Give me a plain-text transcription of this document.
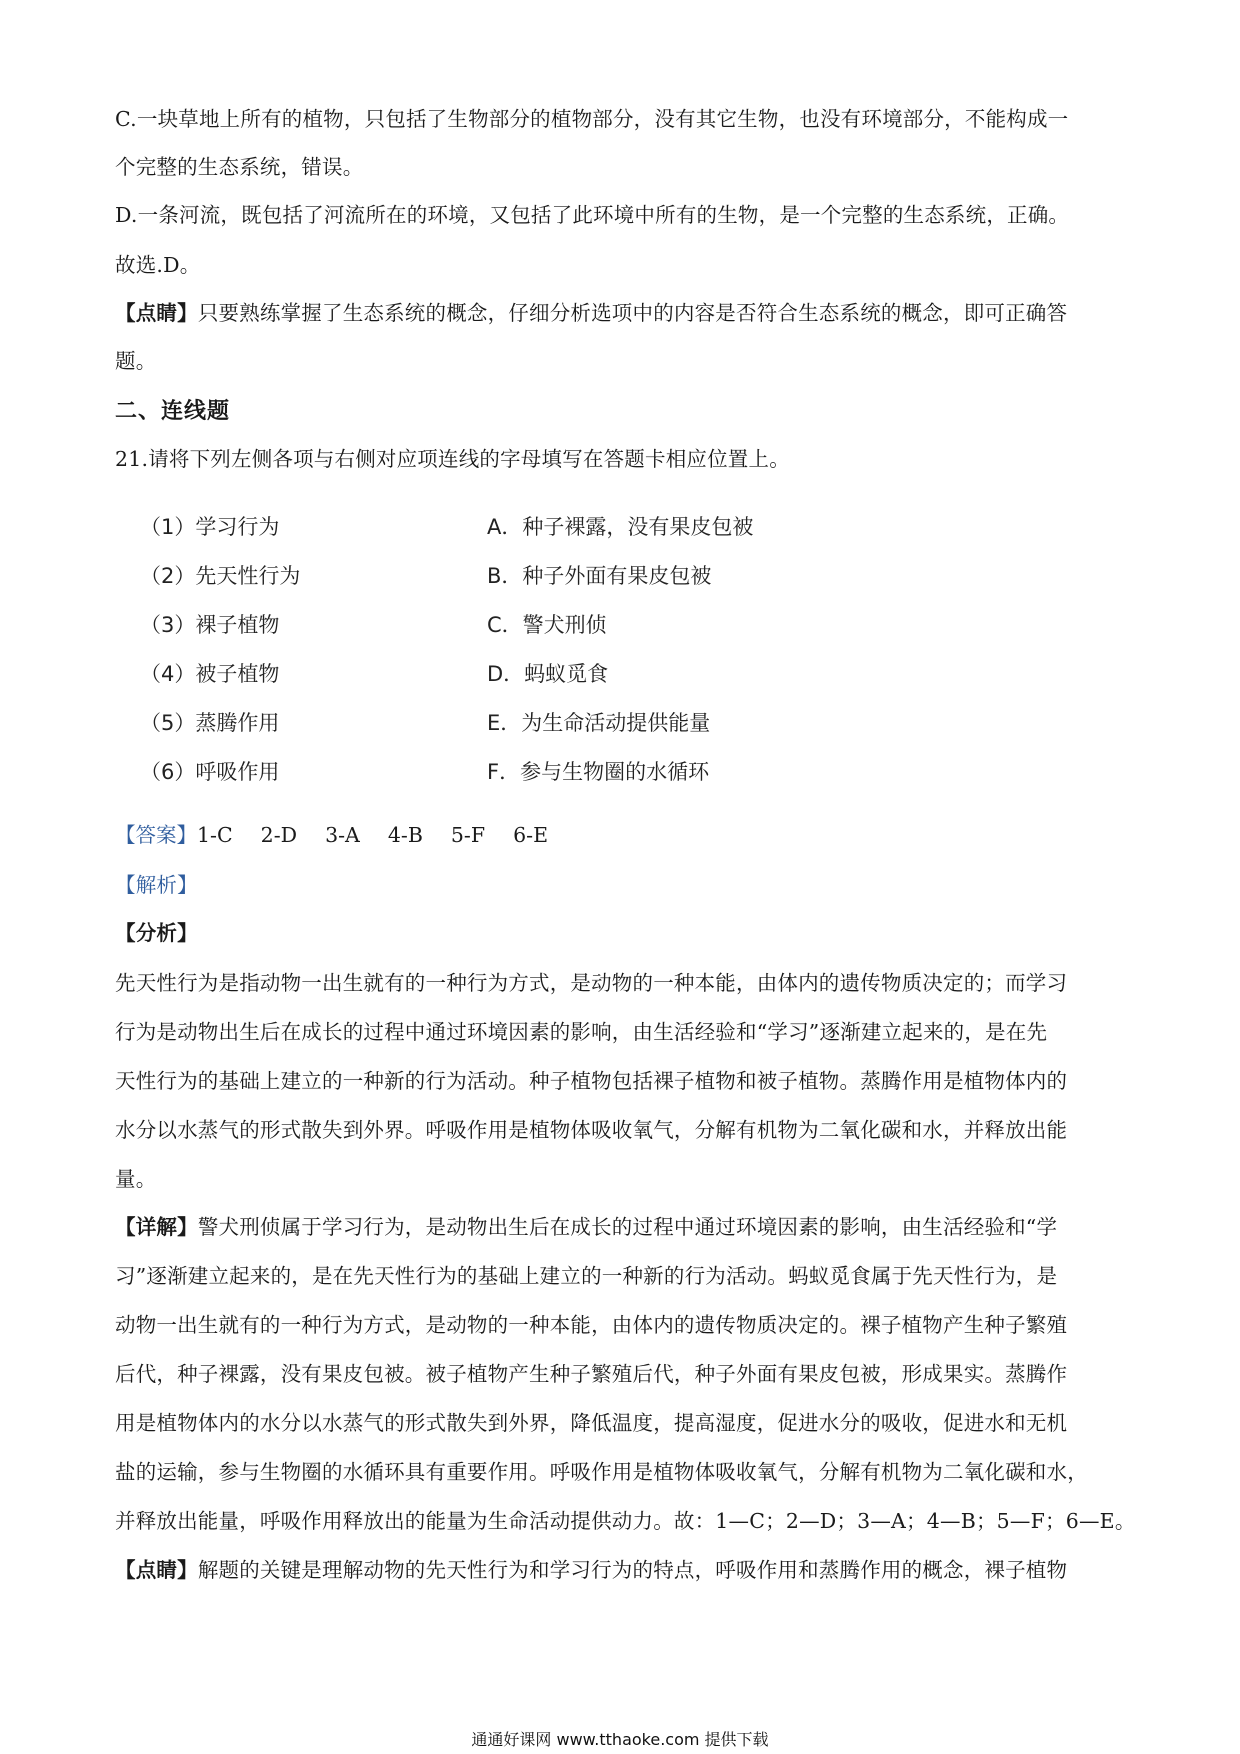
C.一块草地上所有的植物，只包括了生物部分的植物部分，没有其它生物，也没有环境部分，不能构成一
个完整的生态系统，错误。
D.一条河流，既包括了河流所在的环境，又包括了此环境中所有的生物，是一个完整的生态系统，正确。
故选.D。
【点睛】只要熟练掌握了生态系统的概念，仔细分析选项中的内容是否符合生态系统的概念，即可正确答
题。
二、连线题
21.请将下列左侧各项与右侧对应项连线的字母填写在答题卡相应位置上。
（1）学习行为	A．种子裸露，没有果皮包被
（2）先天性行为	B．种子外面有果皮包被
（3）裸子植物	C．警犬刑侦
（4）被子植物	D．蚂蚁觅食
（5）蒸腾作用	E．为生命活动提供能量
（6）呼吸作用	F．参与生物圈的水循环
【答案】1-C 2-D 3-A 4-B 5-F 6-E
【解析】
【分析】
先天性行为是指动物一出生就有的一种行为方式，是动物的一种本能，由体内的遗传物质决定的；而学习
行为是动物出生后在成长的过程中通过环境因素的影响，由生活经验和“学习”逐渐建立起来的，是在先
天性行为的基础上建立的一种新的行为活动。种子植物包括裸子植物和被子植物。蒸腾作用是植物体内的
水分以水蒸气的形式散失到外界。呼吸作用是植物体吸收氧气，分解有机物为二氧化碳和水，并释放出能
量。
【详解】警犬刑侦属于学习行为，是动物出生后在成长的过程中通过环境因素的影响，由生活经验和“学
习”逐渐建立起来的，是在先天性行为的基础上建立的一种新的行为活动。蚂蚁觅食属于先天性行为，是
动物一出生就有的一种行为方式，是动物的一种本能，由体内的遗传物质决定的。裸子植物产生种子繁殖
后代，种子裸露，没有果皮包被。被子植物产生种子繁殖后代，种子外面有果皮包被，形成果实。蒸腾作
用是植物体内的水分以水蒸气的形式散失到外界，降低温度，提高湿度，促进水分的吸收，促进水和无机
盐的运输，参与生物圈的水循环具有重要作用。呼吸作用是植物体吸收氧气，分解有机物为二氧化碳和水，
并释放出能量，呼吸作用释放出的能量为生命活动提供动力。故：1—C；2—D；3—A；4—B；5—F；6—E。
【点睛】解题的关键是理解动物的先天性行为和学习行为的特点，呼吸作用和蒸腾作用的概念，裸子植物
通通好课网 www.tthaoke.com 提供下载
